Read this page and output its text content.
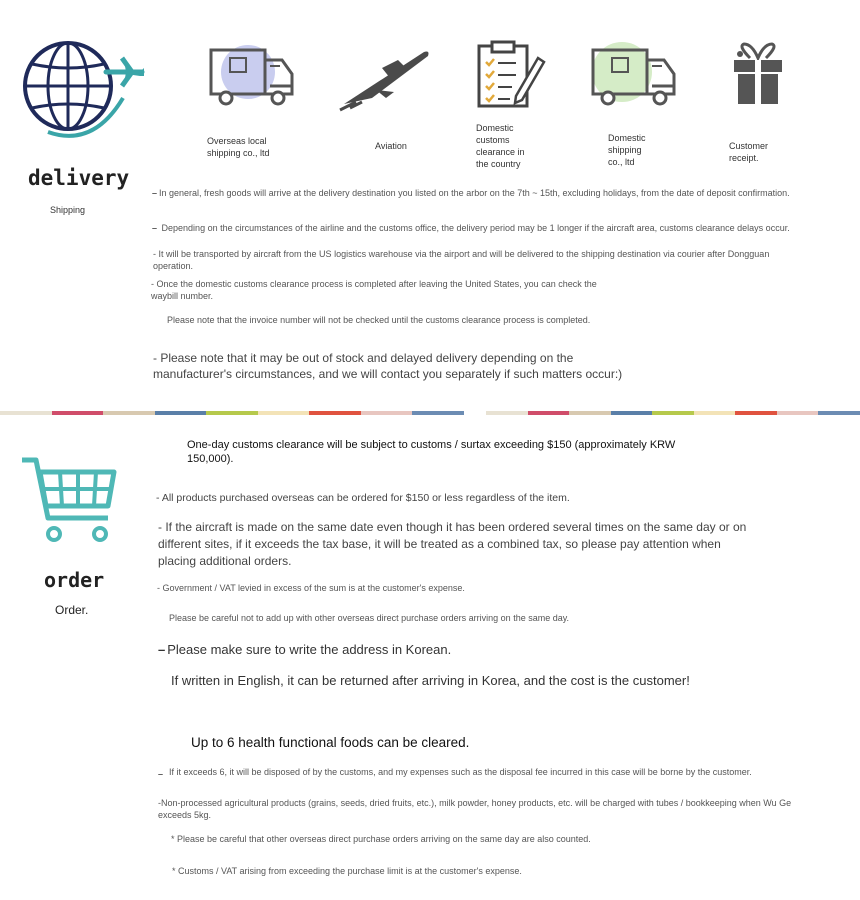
delivery
Shipping
Overseas local shipping co., ltd
Aviation
Domestic customs clearance in the country
Domestic shipping co., ltd
Customer receipt.
– In general, fresh goods will arrive at the delivery destination you listed on the arbor on the 7th ~ 15th, excluding holidays, from the date of deposit confirmation.
– Depending on the circumstances of the airline and the customs office, the delivery period may be 1 longer if the aircraft area, customs clearance delays occur.
- It will be transported by aircraft from the US logistics warehouse via the airport and will be delivered to the shipping destination via courier after Dongguan operation.
- Once the domestic customs clearance process is completed after leaving the United States, you can check the waybill number.
Please note that the invoice number will not be checked until the customs clearance process is completed.
- Please note that it may be out of stock and delayed delivery depending on the manufacturer's circumstances, and we will contact you separately if such matters occur:)
order
Order.
One-day customs clearance will be subject to customs / surtax exceeding $150 (approximately KRW 150,000).
- All products purchased overseas can be ordered for $150 or less regardless of the item.
- If the aircraft is made on the same date even though it has been ordered several times on the same day or on different sites, if it exceeds the tax base, it will be treated as a combined tax, so please pay attention when placing additional orders.
- Government / VAT levied in excess of the sum is at the customer's expense.
Please be careful not to add up with other overseas direct purchase orders arriving on the same day.
– Please make sure to write the address in Korean.
If written in English, it can be returned after arriving in Korea, and the cost is the customer!
Up to 6 health functional foods can be cleared.
– If it exceeds 6, it will be disposed of by the customs, and my expenses such as the disposal fee incurred in this case will be borne by the customer.
-Non-processed agricultural products (grains, seeds, dried fruits, etc.), milk powder, honey products, etc. will be charged with tubes / bookkeeping when Wu Ge exceeds 5kg.
* Please be careful that other overseas direct purchase orders arriving on the same day are also counted.
* Customs / VAT arising from exceeding the purchase limit is at the customer's expense.
